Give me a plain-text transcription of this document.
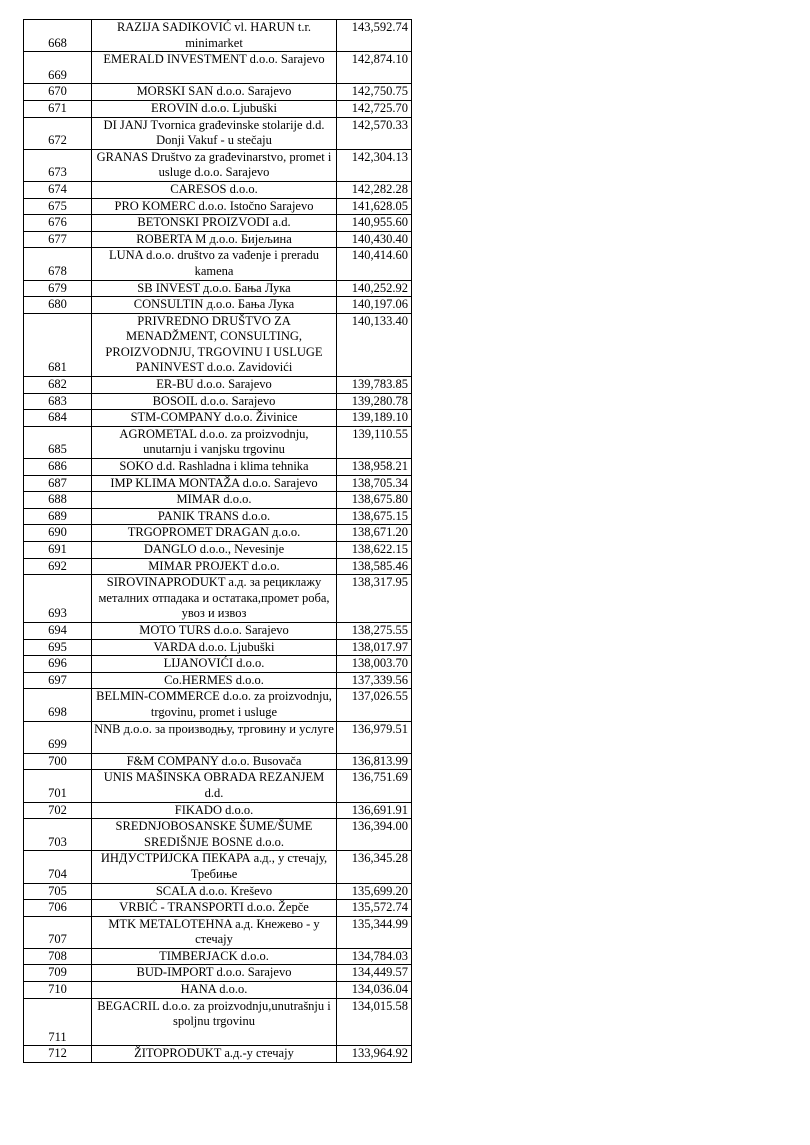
668	RAZIJA SADIKOVIĆ vl. HARUN t.r. minimarket	143,592.74
669	EMERALD INVESTMENT d.o.o. Sarajevo	142,874.10
670	MORSKI SAN d.o.o. Sarajevo	142,750.75
671	EROVIN d.o.o. Ljubuški	142,725.70
672	DI JANJ Tvornica građevinske stolarije d.d. Donji Vakuf - u stečaju	142,570.33
673	GRANAS Društvo za građevinarstvo, promet i usluge d.o.o. Sarajevo	142,304.13
674	CARESOS d.o.o.	142,282.28
675	PRO KOMERC d.o.o. Istočno Sarajevo	141,628.05
676	BETONSKI PROIZVODI a.d.	140,955.60
677	ROBERTA M д.о.о. Бијељина	140,430.40
678	LUNA d.o.o. društvo za vađenje i preradu kamena	140,414.60
679	SB INVEST д.о.о. Бања Лука	140,252.92
680	CONSULTIN д.о.о. Бања Лука	140,197.06
681	PRIVREDNO DRUŠTVO ZA MENADŽMENT, CONSULTING, PROIZVODNJU, TRGOVINU I USLUGE PANINVEST d.o.o. Zavidovići	140,133.40
682	ER-BU d.o.o. Sarajevo	139,783.85
683	BOSOIL d.o.o. Sarajevo	139,280.78
684	STM-COMPANY d.o.o. Živinice	139,189.10
685	AGROMETAL d.o.o. za proizvodnju, unutarnju i vanjsku trgovinu	139,110.55
686	SOKO d.d. Rashladna i klima tehnika	138,958.21
687	IMP KLIMA MONTAŽA d.o.o. Sarajevo	138,705.34
688	MIMAR d.o.o.	138,675.80
689	PANIK TRANS d.o.o.	138,675.15
690	TRGOPROMET DRAGAN д.о.о.	138,671.20
691	DANGLO d.o.o., Nevesinje	138,622.15
692	MIMAR PROJEKT d.o.o.	138,585.46
693	SIROVINAPRODUKT а.д. за рециклажу металних отпадака и остатака,промет роба, увоз и извоз	138,317.95
694	MOTO TURS d.o.o. Sarajevo	138,275.55
695	VARDA d.o.o. Ljubuški	138,017.97
696	LIJANOVIĆI d.o.o.	138,003.70
697	Co.HERMES d.o.o.	137,339.56
698	BELMIN-COMMERCE d.o.o. za proizvodnju, trgovinu, promet i usluge	137,026.55
699	NNB д.о.о. за производњу, трговину и услуге	136,979.51
700	F&M COMPANY d.o.o. Busovača	136,813.99
701	UNIS MAŠINSKA OBRADA REZANJEM d.d.	136,751.69
702	FIKADO d.o.o.	136,691.91
703	SREDNJOBOSANSKE ŠUME/ŠUME SREDIŠNJE BOSNE d.o.o.	136,394.00
704	ИНДУСТРИЈСКА ПЕКАРА а.д., у стечају, Требиње	136,345.28
705	SCALA d.o.o. Kreševo	135,699.20
706	VRBIĆ - TRANSPORTI d.o.o. Žepče	135,572.74
707	MTK METALOTEHNA а.д. Кнежево - у стечају	135,344.99
708	TIMBERJACK d.o.o.	134,784.03
709	BUD-IMPORT d.o.o. Sarajevo	134,449.57
710	HANA d.o.o.	134,036.04
711	BEGACRIL d.o.o. za proizvodnju,unutrašnju i spoljnu trgovinu	134,015.58
712	ŽITOPRODUKT а.д.-у стечају	133,964.92
